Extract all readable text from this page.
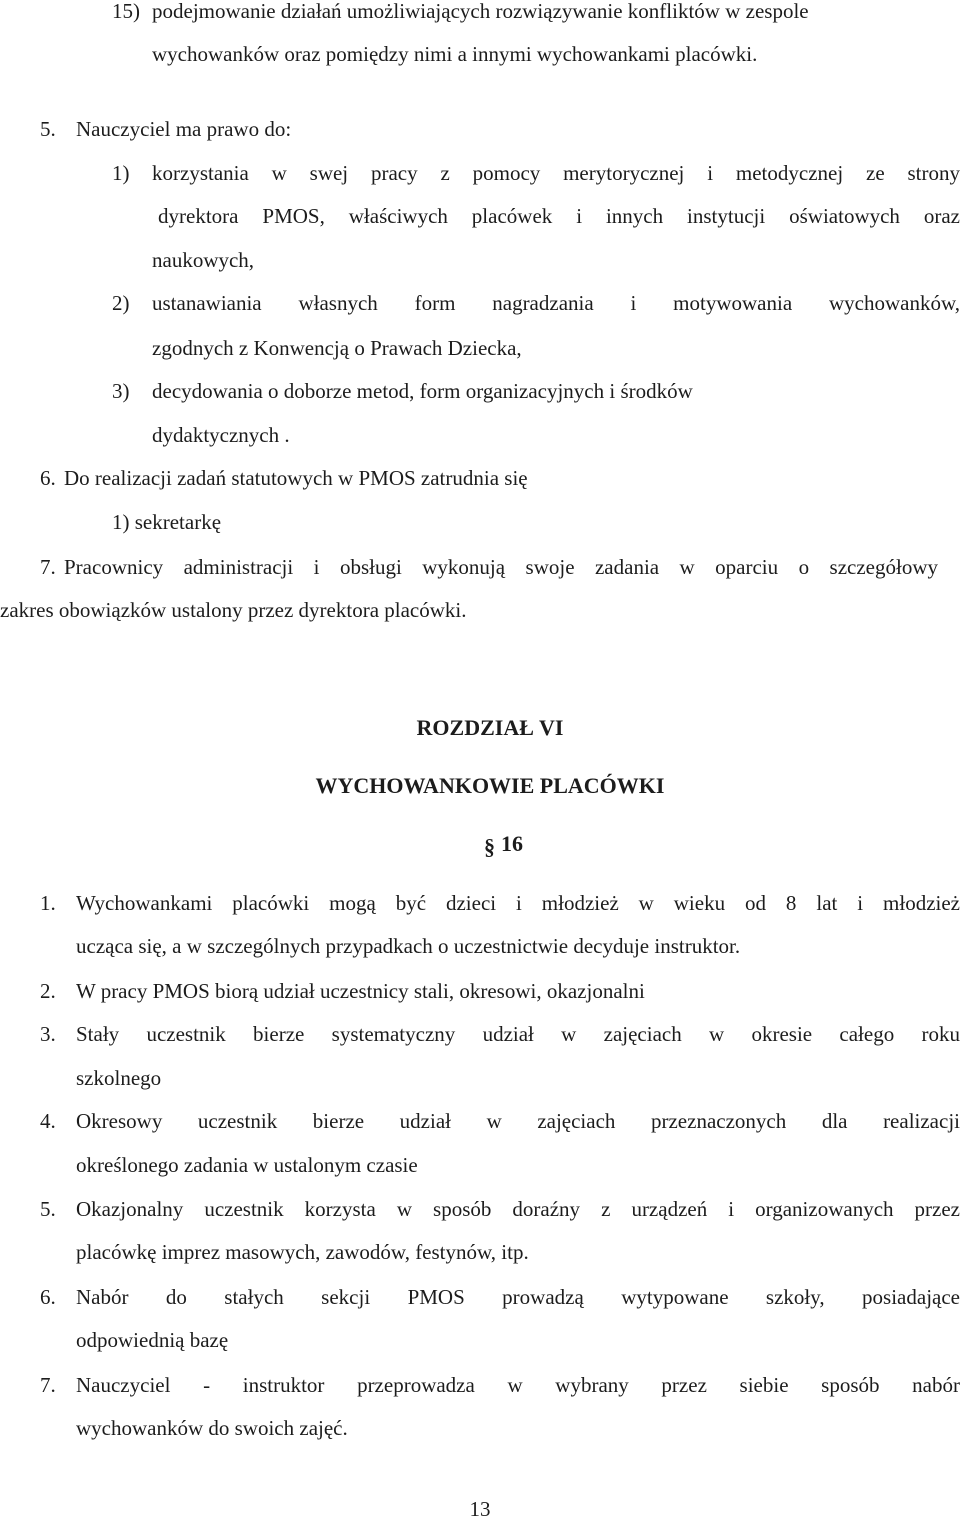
15) podejmowanie działań umożliwiających rozwiązywanie konfliktów w zespole
wychowanków oraz pomiędzy nimi a innymi wychowankami placówki.
5. Nauczyciel ma prawo do:
1) korzystania w swej pracy z pomocy merytorycznej i metodycznej ze strony
dyrektora PMOS, właściwych placówek i innych instytucji oświatowych oraz
naukowych,
2) ustanawiania własnych form nagradzania i motywowania wychowanków,
zgodnych z Konwencją o Prawach Dziecka,
3) decydowania o doborze metod, form organizacyjnych i środków
dydaktycznych .
6. Do realizacji zadań statutowych w PMOS zatrudnia się
1) sekretarkę
7. Pracownicy administracji i obsługi wykonują swoje zadania w oparciu o szczegółowy
zakres obowiązków ustalony przez dyrektora placówki.
ROZDZIAŁ VI
WYCHOWANKOWIE PLACÓWKI
§ 16
1. Wychowankami placówki mogą być dzieci i młodzież w wieku od 8 lat i młodzież
ucząca się, a w szczególnych przypadkach o uczestnictwie decyduje instruktor.
2. W pracy PMOS biorą udział uczestnicy stali, okresowi, okazjonalni
3. Stały uczestnik bierze systematyczny udział w zajęciach w okresie całego roku
szkolnego
4. Okresowy uczestnik bierze udział w zajęciach przeznaczonych dla realizacji
określonego zadania w ustalonym czasie
5. Okazjonalny uczestnik korzysta w sposób doraźny z urządzeń i organizowanych przez
placówkę imprez masowych, zawodów, festynów, itp.
6. Nabór do stałych sekcji PMOS prowadzą wytypowane szkoły, posiadające
odpowiednią bazę
7. Nauczyciel - instruktor przeprowadza w wybrany przez siebie sposób nabór
wychowanków do swoich zajęć.
13
